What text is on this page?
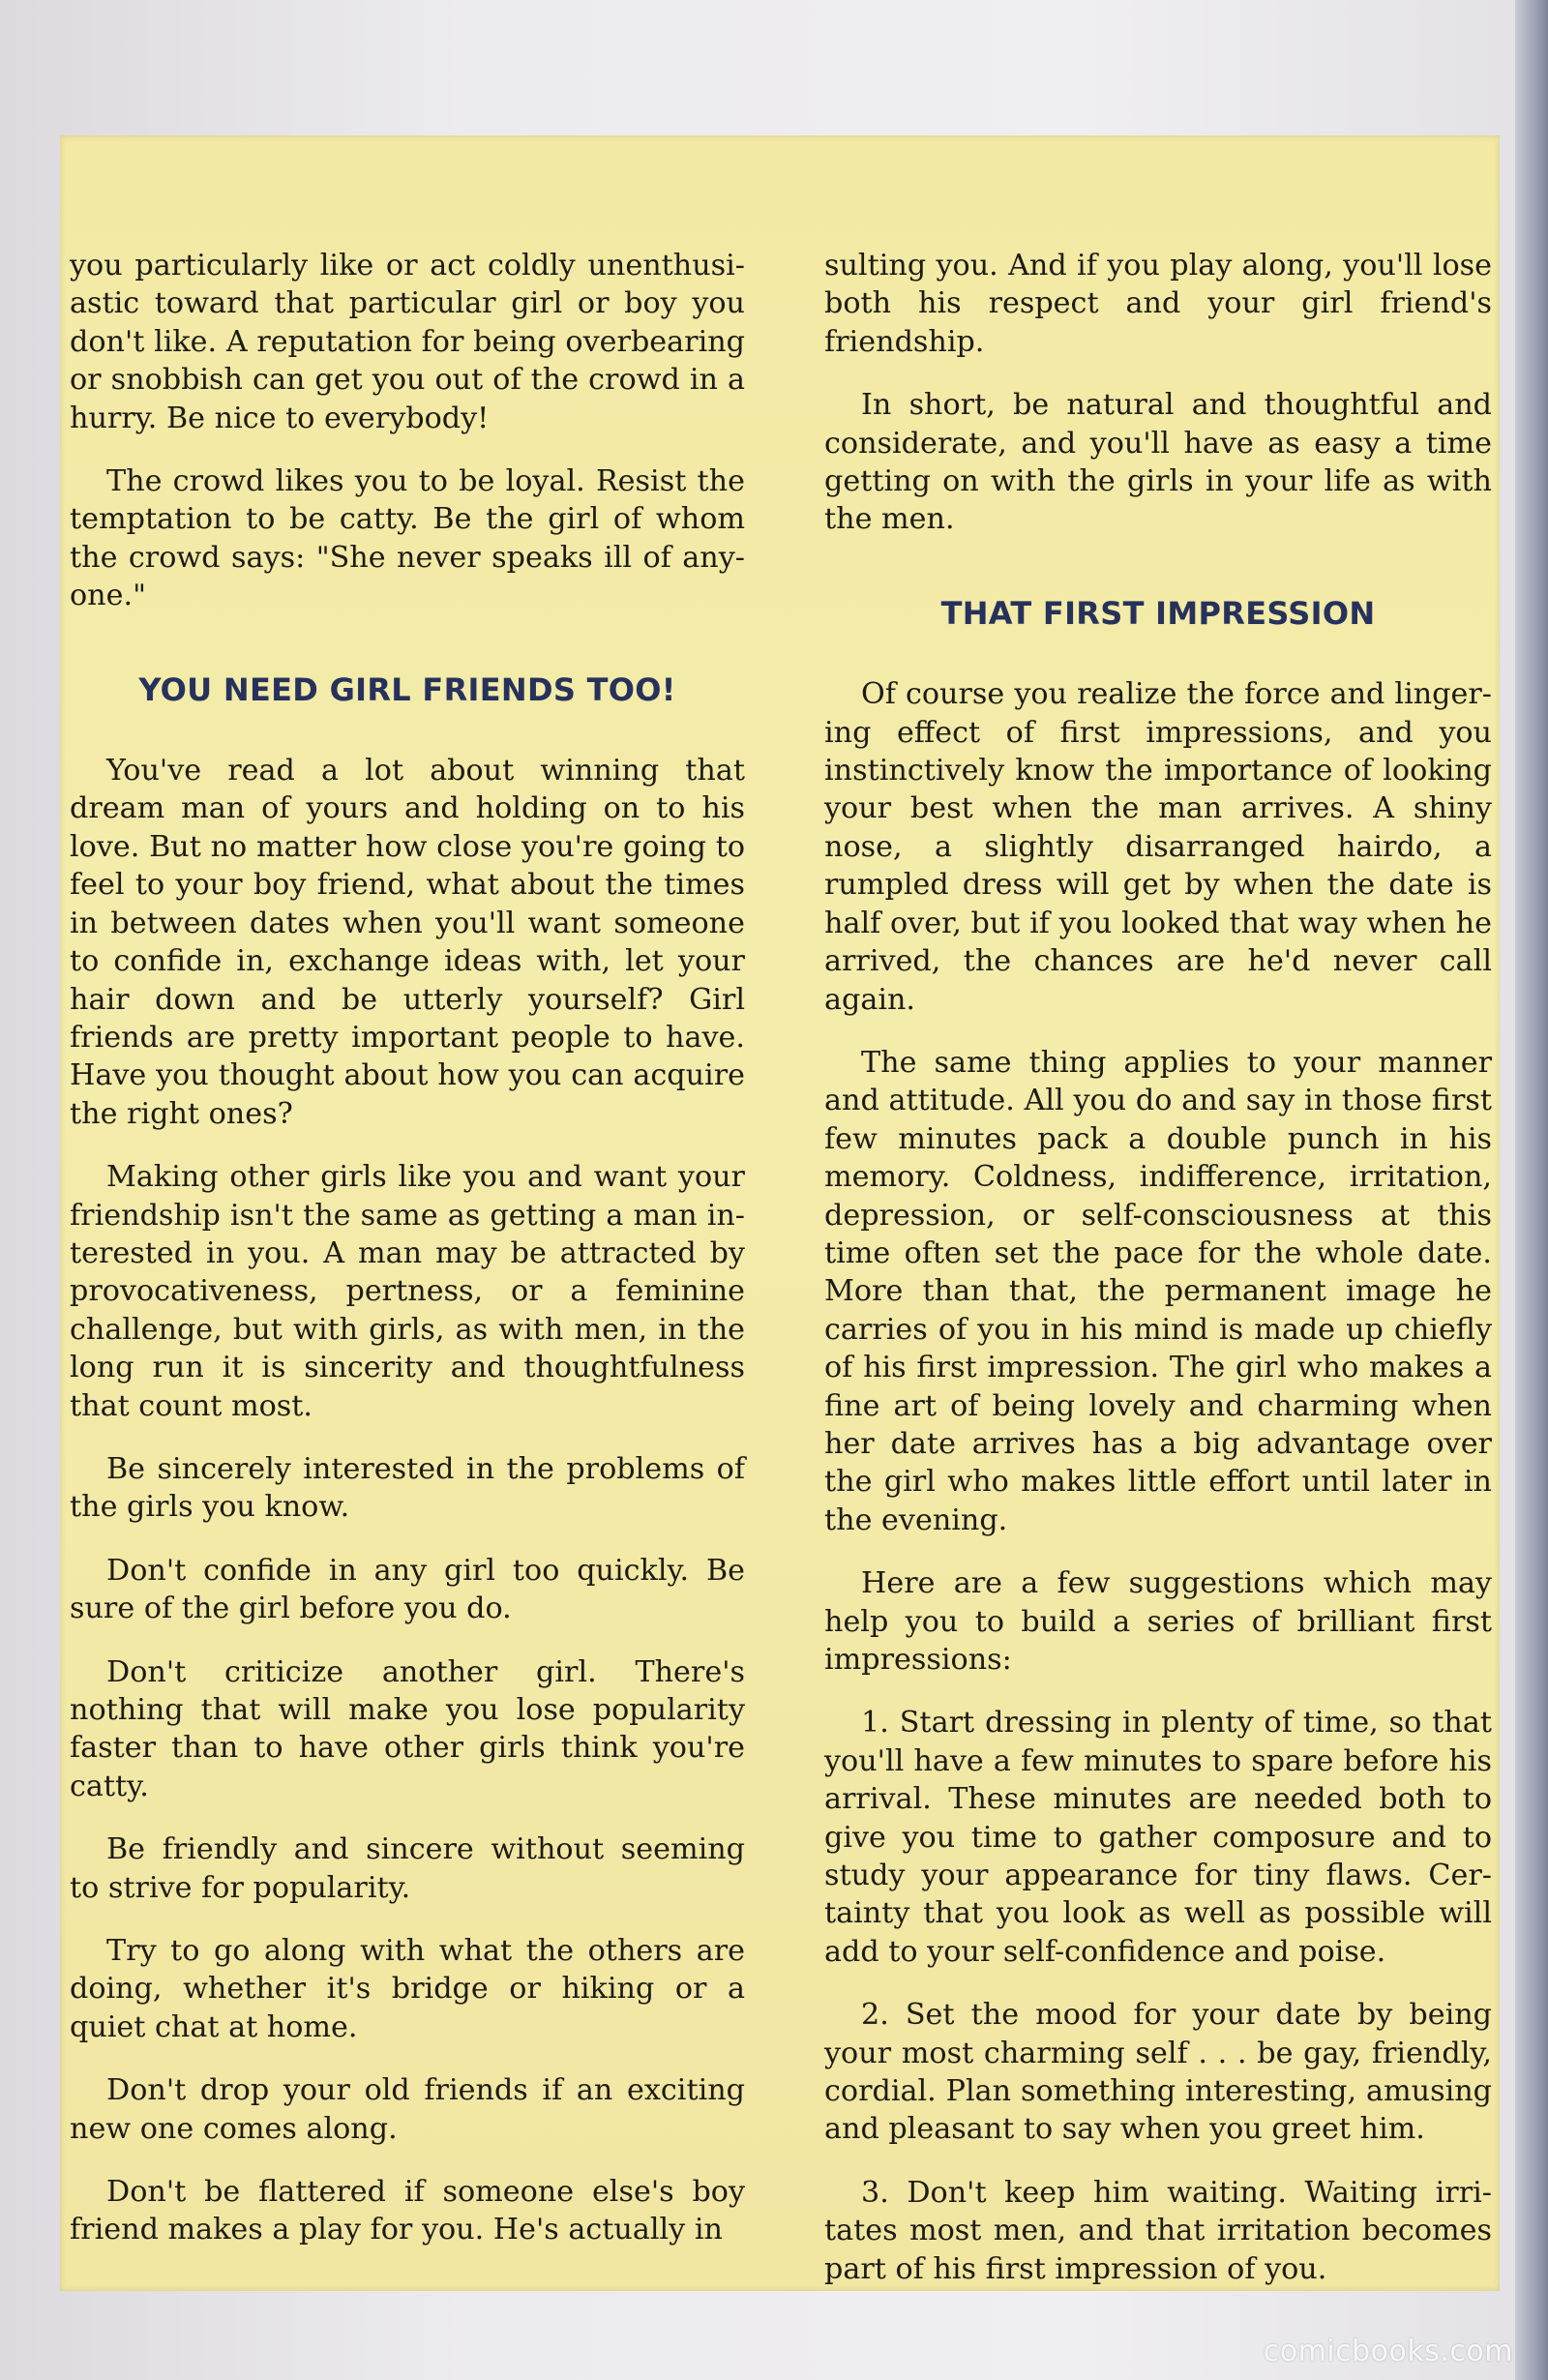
you particularly like or act coldly unenthusiastic toward that particular girl or boy you don't like. A reputation for being overbearing or snobbish can get you out of the crowd in a hurry. Be nice to everybody!

The crowd likes you to be loyal. Resist the temptation to be catty. Be the girl of whom the crowd says: "She never speaks ill of anyone."

YOU NEED GIRL FRIENDS TOO!

You've read a lot about winning that dream man of yours and holding on to his love. But no matter how close you're going to feel to your boy friend, what about the times in between dates when you'll want someone to confide in, exchange ideas with, let your hair down and be utterly yourself? Girl friends are pretty important people to have. Have you thought about how you can acquire the right ones?

Making other girls like you and want your friendship isn't the same as getting a man interested in you. A man may be attracted by provocativeness, pertness, or a feminine challenge, but with girls, as with men, in the long run it is sincerity and thoughtfulness that count most.

Be sincerely interested in the problems of the girls you know.

Don't confide in any girl too quickly. Be sure of the girl before you do.

Don't criticize another girl. There's nothing that will make you lose popularity faster than to have other girls think you're catty.

Be friendly and sincere without seeming to strive for popularity.

Try to go along with what the others are doing, whether it's bridge or hiking or a quiet chat at home.

Don't drop your old friends if an exciting new one comes along.

Don't be flattered if someone else's boy friend makes a play for you. He's actually in

sulting you. And if you play along, you'll lose both his respect and your girl friend's friendship.

In short, be natural and thoughtful and considerate, and you'll have as easy a time getting on with the girls in your life as with the men.

THAT FIRST IMPRESSION

Of course you realize the force and lingering effect of first impressions, and you instinctively know the importance of looking your best when the man arrives. A shiny nose, a slightly disarranged hairdo, a rumpled dress will get by when the date is half over, but if you looked that way when he arrived, the chances are he'd never call again.

The same thing applies to your manner and attitude. All you do and say in those first few minutes pack a double punch in his memory. Coldness, indifference, irritation, depression, or self-consciousness at this time often set the pace for the whole date. More than that, the permanent image he carries of you in his mind is made up chiefly of his first impression. The girl who makes a fine art of being lovely and charming when her date arrives has a big advantage over the girl who makes little effort until later in the evening.

Here are a few suggestions which may help you to build a series of brilliant first impressions:

1. Start dressing in plenty of time, so that you'll have a few minutes to spare before his arrival. These minutes are needed both to give you time to gather composure and to study your appearance for tiny flaws. Certainty that you look as well as possible will add to your self-confidence and poise.

2. Set the mood for your date by being your most charming self . . . be gay, friendly, cordial. Plan something interesting, amusing and pleasant to say when you greet him.

3. Don't keep him waiting. Waiting irritates most men, and that irritation becomes part of his first impression of you.

comicbooks.com
